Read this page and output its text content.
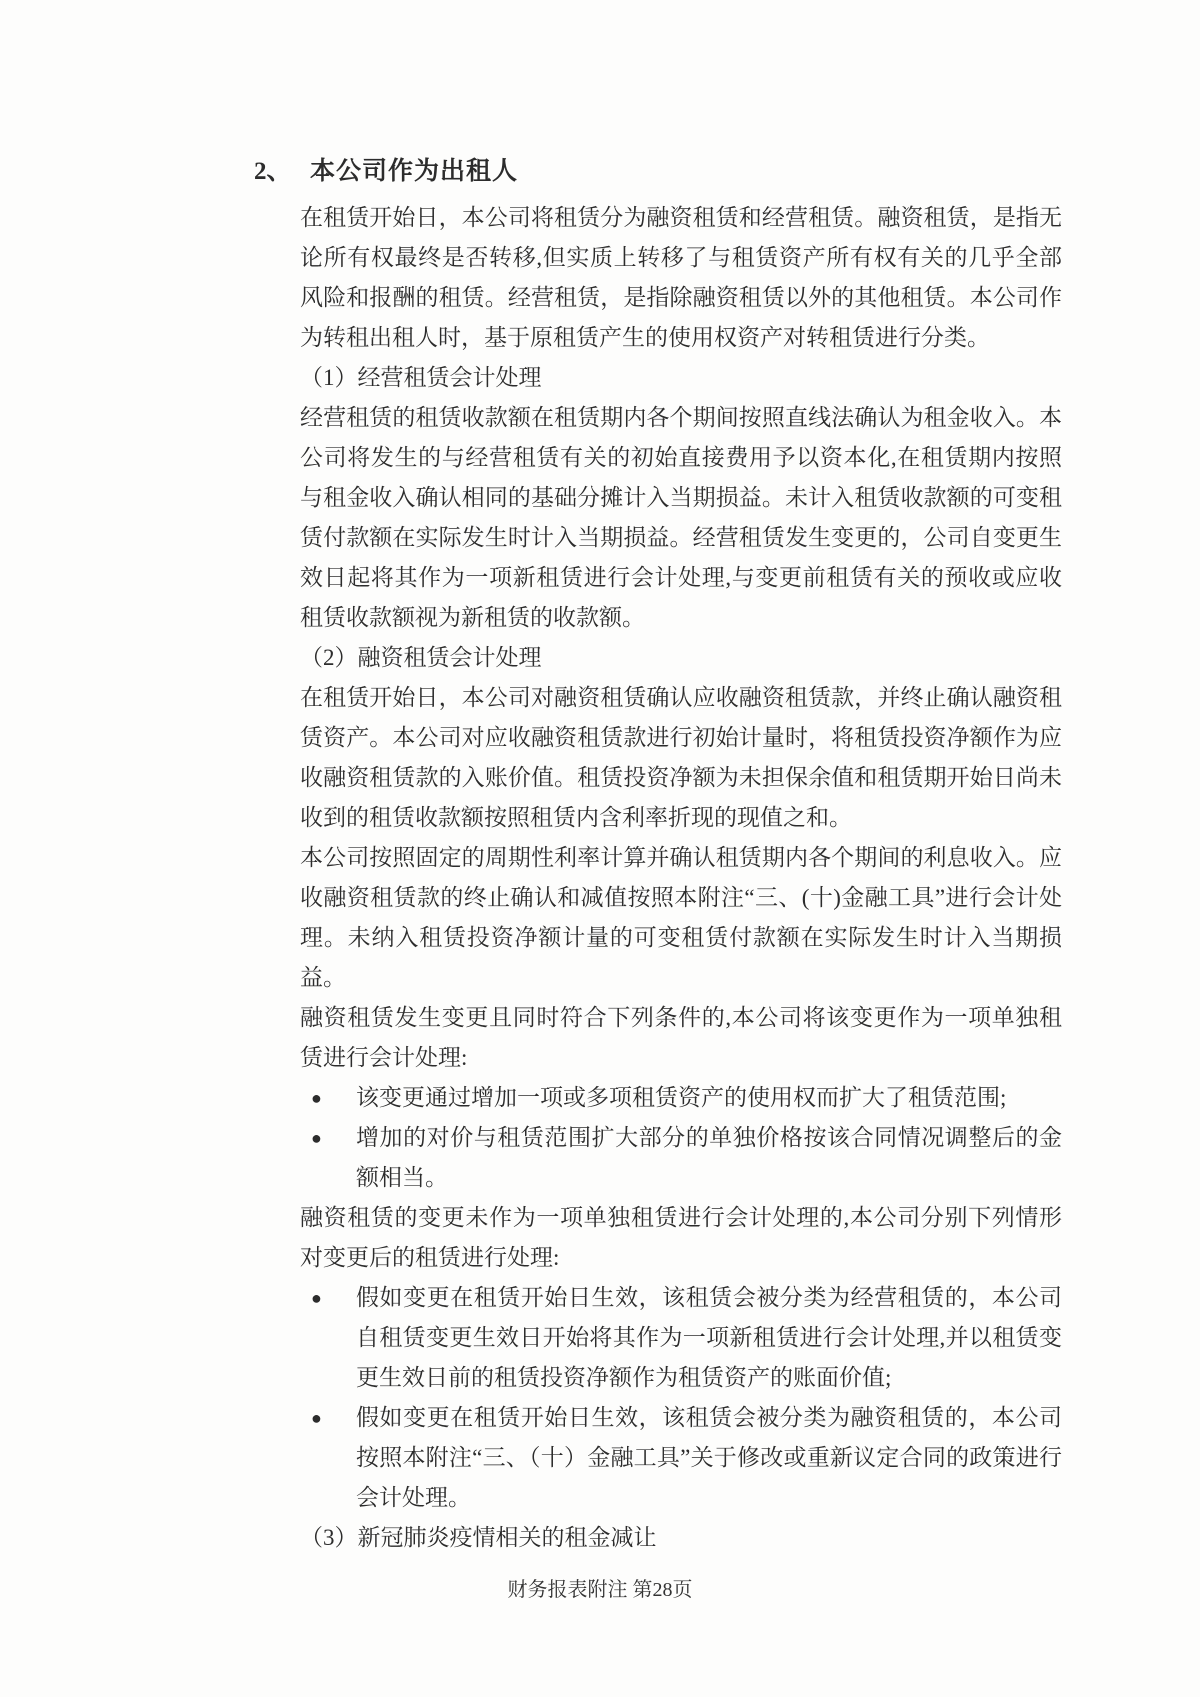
2、 本公司作为出租人

在租赁开始日，本公司将租赁分为融资租赁和经营租赁。融资租赁，是指无论所有权最终是否转移,但实质上转移了与租赁资产所有权有关的几乎全部风险和报酬的租赁。经营租赁，是指除融资租赁以外的其他租赁。本公司作为转租出租人时，基于原租赁产生的使用权资产对转租赁进行分类。

（1）经营租赁会计处理

经营租赁的租赁收款额在租赁期内各个期间按照直线法确认为租金收入。本公司将发生的与经营租赁有关的初始直接费用予以资本化,在租赁期内按照与租金收入确认相同的基础分摊计入当期损益。未计入租赁收款额的可变租赁付款额在实际发生时计入当期损益。经营租赁发生变更的，公司自变更生效日起将其作为一项新租赁进行会计处理,与变更前租赁有关的预收或应收租赁收款额视为新租赁的收款额。

（2）融资租赁会计处理

在租赁开始日，本公司对融资租赁确认应收融资租赁款，并终止确认融资租赁资产。本公司对应收融资租赁款进行初始计量时，将租赁投资净额作为应收融资租赁款的入账价值。租赁投资净额为未担保余值和租赁期开始日尚未收到的租赁收款额按照租赁内含利率折现的现值之和。

本公司按照固定的周期性利率计算并确认租赁期内各个期间的利息收入。应收融资租赁款的终止确认和减值按照本附注“三、(十)金融工具”进行会计处理。未纳入租赁投资净额计量的可变租赁付款额在实际发生时计入当期损益。

融资租赁发生变更且同时符合下列条件的,本公司将该变更作为一项单独租赁进行会计处理:

●	该变更通过增加一项或多项租赁资产的使用权而扩大了租赁范围;
●	增加的对价与租赁范围扩大部分的单独价格按该合同情况调整后的金额相当。

融资租赁的变更未作为一项单独租赁进行会计处理的,本公司分别下列情形对变更后的租赁进行处理:

●	假如变更在租赁开始日生效，该租赁会被分类为经营租赁的，本公司自租赁变更生效日开始将其作为一项新租赁进行会计处理,并以租赁变更生效日前的租赁投资净额作为租赁资产的账面价值;
●	假如变更在租赁开始日生效，该租赁会被分类为融资租赁的，本公司按照本附注“三、（十）金融工具”关于修改或重新议定合同的政策进行会计处理。

（3）新冠肺炎疫情相关的租金减让

财务报表附注 第28页
